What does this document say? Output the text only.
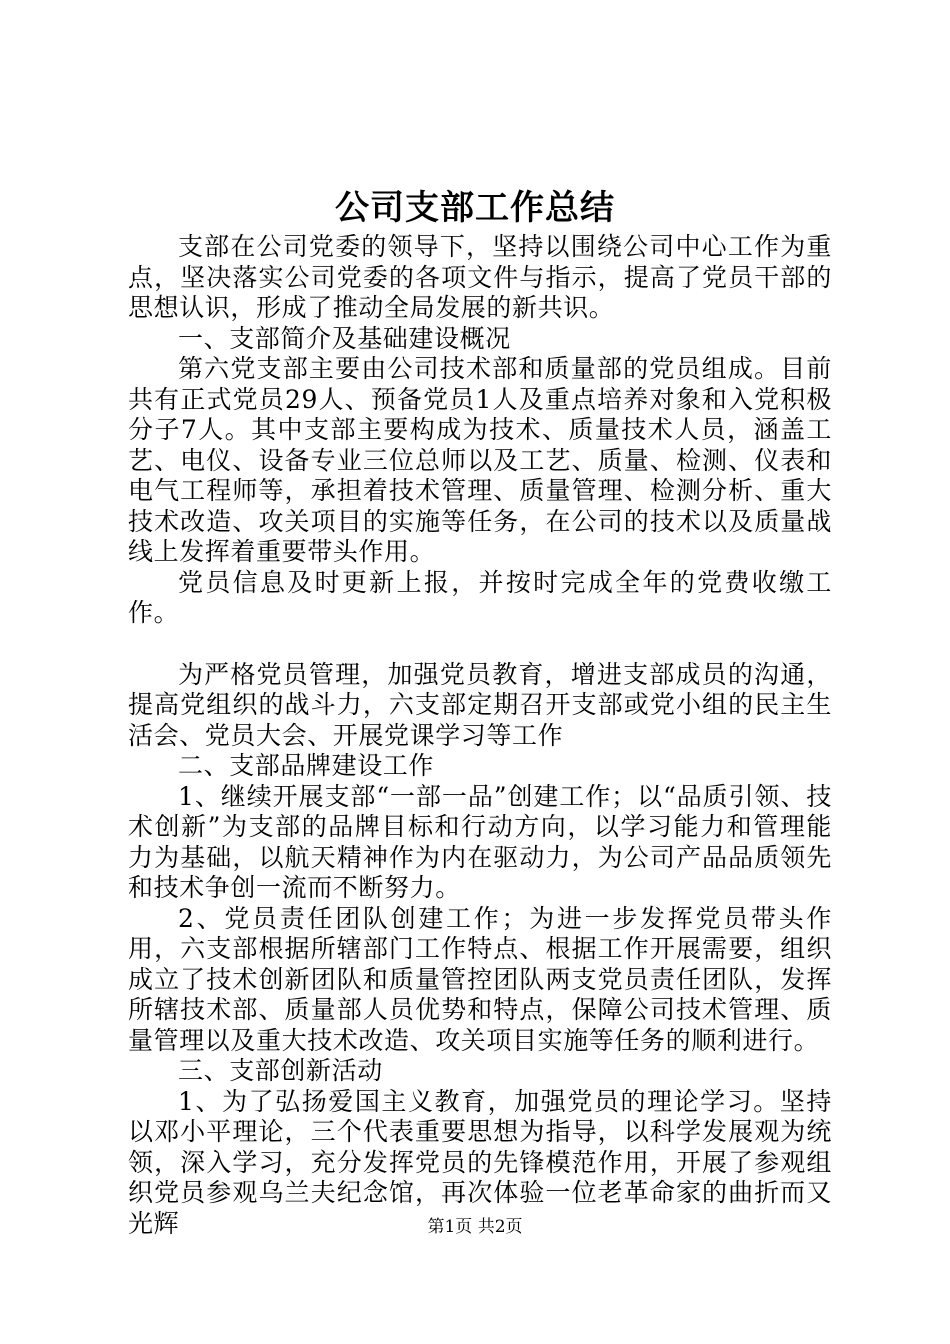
公司支部工作总结

支部在公司党委的领导下，坚持以围绕公司中心工作为重点，坚决落实公司党委的各项文件与指示，提高了党员干部的思想认识，形成了推动全局发展的新共识。

一、支部简介及基础建设概况

第六党支部主要由公司技术部和质量部的党员组成。目前共有正式党员29人、预备党员1人及重点培养对象和入党积极分子7人。其中支部主要构成为技术、质量技术人员，涵盖工艺、电仪、设备专业三位总师以及工艺、质量、检测、仪表和电气工程师等，承担着技术管理、质量管理、检测分析、重大技术改造、攻关项目的实施等任务，在公司的技术以及质量战线上发挥着重要带头作用。

党员信息及时更新上报，并按时完成全年的党费收缴工作。

为严格党员管理，加强党员教育，增进支部成员的沟通，提高党组织的战斗力，六支部定期召开支部或党小组的民主生活会、党员大会、开展党课学习等工作

二、支部品牌建设工作

1、继续开展支部“一部一品”创建工作；以“品质引领、技术创新”为支部的品牌目标和行动方向，以学习能力和管理能力为基础，以航天精神作为内在驱动力，为公司产品品质领先和技术争创一流而不断努力。

2、党员责任团队创建工作；为进一步发挥党员带头作用，六支部根据所辖部门工作特点、根据工作开展需要，组织成立了技术创新团队和质量管控团队两支党员责任团队，发挥所辖技术部、质量部人员优势和特点，保障公司技术管理、质量管理以及重大技术改造、攻关项目实施等任务的顺利进行。

三、支部创新活动

1、为了弘扬爱国主义教育，加强党员的理论学习。坚持以邓小平理论，三个代表重要思想为指导，以科学发展观为统领，深入学习，充分发挥党员的先锋模范作用，开展了参观组织党员参观乌兰夫纪念馆，再次体验一位老革命家的曲折而又光辉	第1页 共2页
